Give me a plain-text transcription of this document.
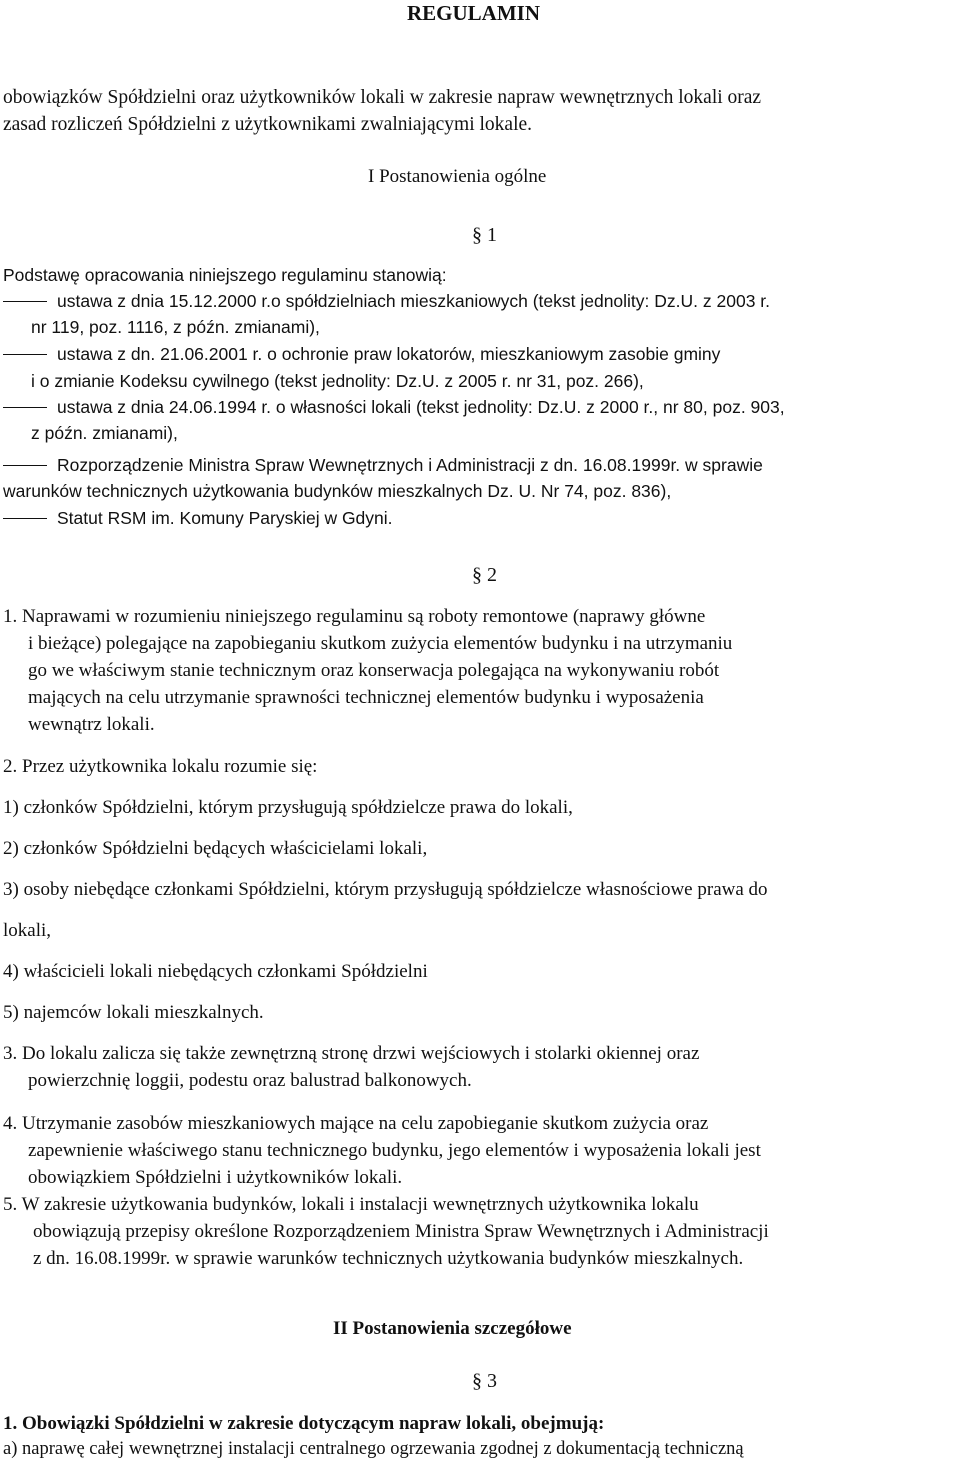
REGULAMIN
obowiązków Spółdzielni oraz użytkowników lokali w zakresie napraw wewnętrznych lokali oraz
zasad rozliczeń Spółdzielni z użytkownikami zwalniającymi lokale.
I Postanowienia ogólne
§ 1
Podstawę opracowania niniejszego regulaminu stanowią:
ustawa z dnia 15.12.2000 r.o spółdzielniach mieszkaniowych (tekst jednolity: Dz.U. z 2003 r.
nr 119, poz. 1116, z późn. zmianami),
ustawa z dn. 21.06.2001 r. o ochronie praw lokatorów, mieszkaniowym zasobie gminy
i o zmianie Kodeksu cywilnego (tekst jednolity: Dz.U. z 2005 r. nr 31, poz. 266),
ustawa z dnia 24.06.1994 r. o własności lokali (tekst jednolity: Dz.U. z 2000 r., nr 80, poz. 903,
z późn. zmianami),
Rozporządzenie Ministra Spraw Wewnętrznych i Administracji z dn. 16.08.1999r. w sprawie
warunków technicznych użytkowania budynków mieszkalnych Dz. U. Nr 74, poz. 836),
Statut RSM im. Komuny Paryskiej w Gdyni.
§ 2
1. Naprawami w rozumieniu niniejszego regulaminu są roboty remontowe (naprawy główne
i bieżące) polegające na zapobieganiu skutkom zużycia elementów budynku i na utrzymaniu
go we właściwym stanie technicznym oraz konserwacja polegająca na wykonywaniu robót
mających na celu utrzymanie sprawności technicznej elementów budynku i wyposażenia
wewnątrz lokali.
2. Przez użytkownika lokalu rozumie się:
1) członków Spółdzielni, którym przysługują spółdzielcze prawa do lokali,
2) członków Spółdzielni będących właścicielami lokali,
3) osoby niebędące członkami Spółdzielni, którym przysługują spółdzielcze własnościowe prawa do
lokali,
4) właścicieli lokali niebędących członkami Spółdzielni
5) najemców lokali mieszkalnych.
3. Do lokalu zalicza się także zewnętrzną stronę drzwi wejściowych i stolarki okiennej oraz
powierzchnię loggii, podestu oraz balustrad balkonowych.
4. Utrzymanie zasobów mieszkaniowych mające na celu zapobieganie skutkom zużycia oraz
zapewnienie właściwego stanu technicznego budynku, jego elementów i wyposażenia lokali jest
obowiązkiem Spółdzielni i użytkowników lokali.
5. W zakresie użytkowania budynków, lokali i instalacji wewnętrznych użytkownika lokalu
obowiązują przepisy określone Rozporządzeniem Ministra Spraw Wewnętrznych i Administracji
z dn. 16.08.1999r. w sprawie warunków technicznych użytkowania budynków mieszkalnych.
II Postanowienia szczegółowe
§ 3
1. Obowiązki Spółdzielni w zakresie dotyczącym napraw lokali, obejmują:
a) naprawę całej wewnętrznej instalacji centralnego ogrzewania zgodnej z dokumentacją techniczną
